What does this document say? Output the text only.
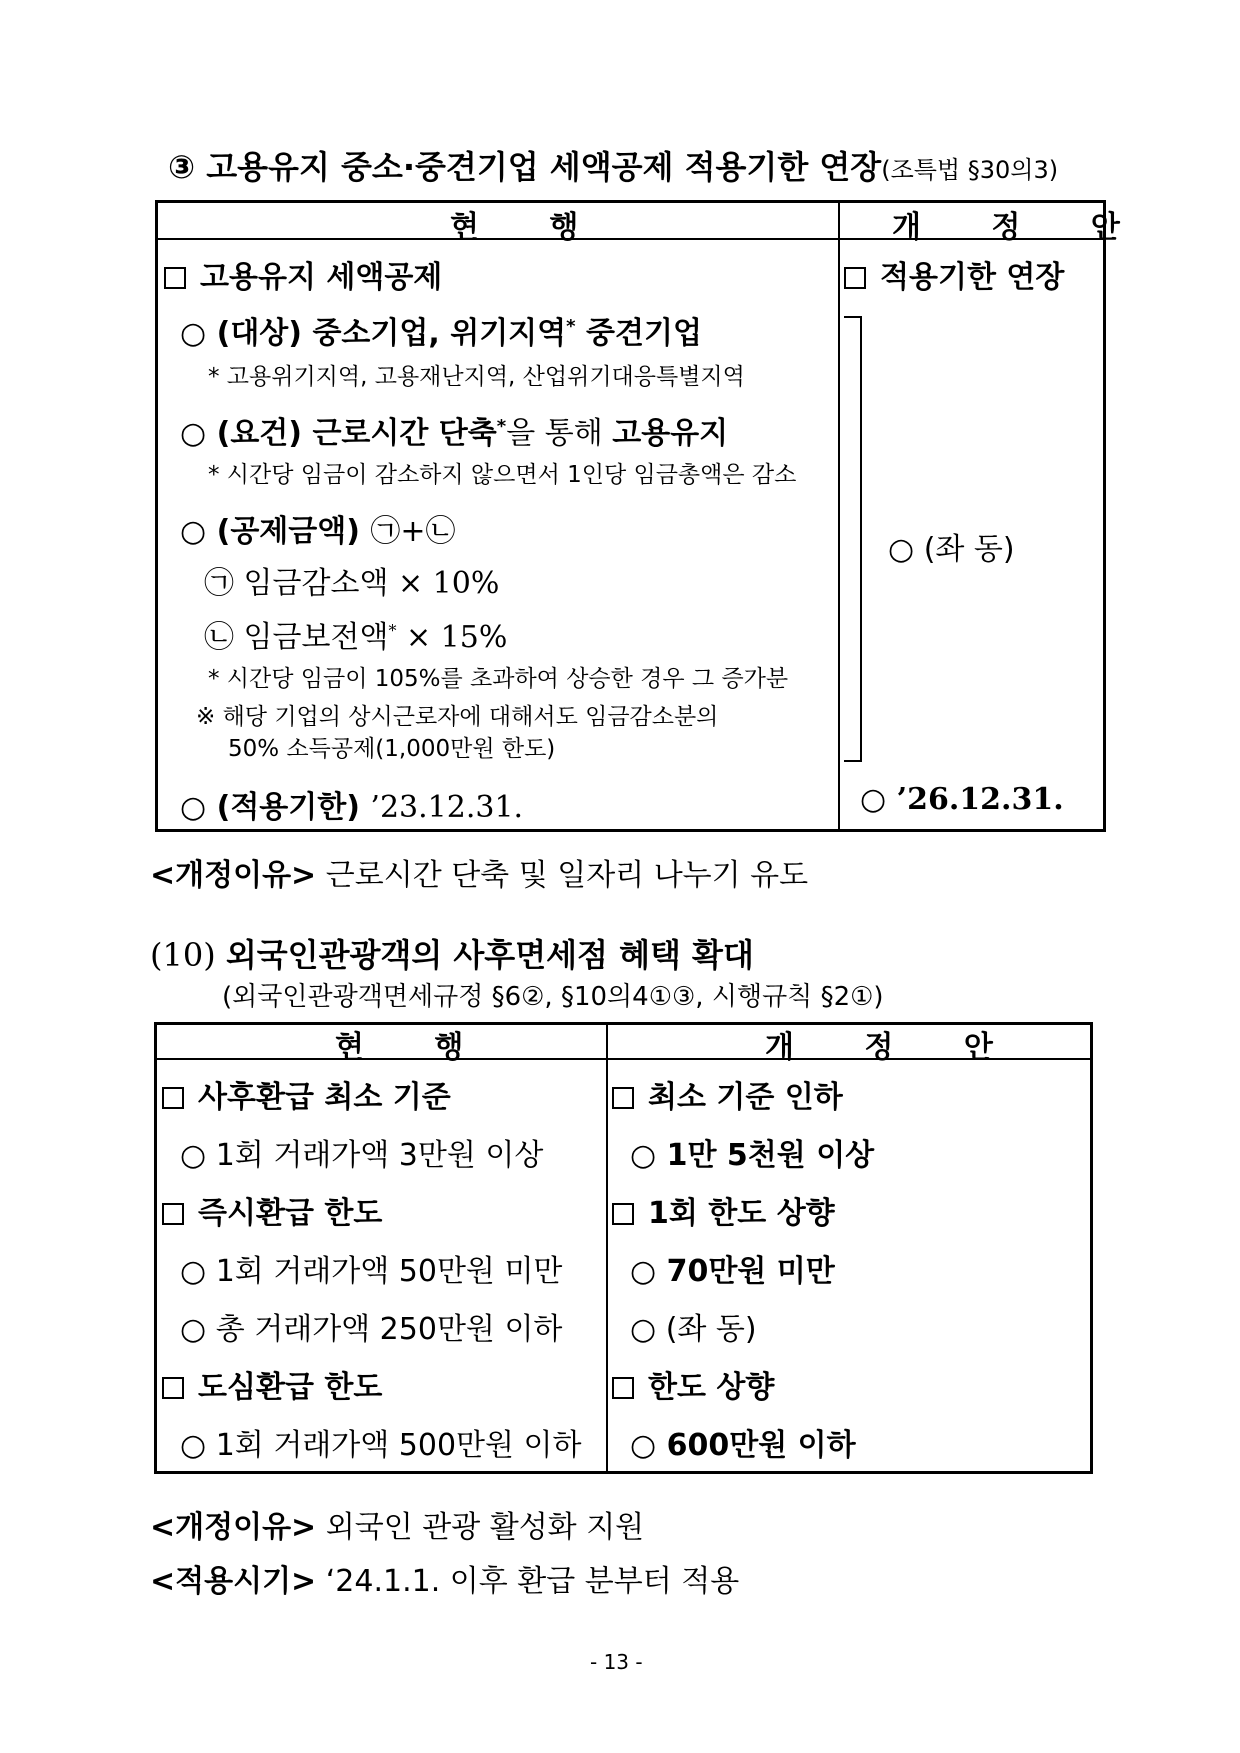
③ 고용유지 중소·중견기업 세액공제 적용기한 연장(조특법 §30의3)
현 행	개 정 안
고용유지 세액공제
○ (대상) 중소기업, 위기지역* 중견기업
* 고용위기지역, 고용재난지역, 산업위기대응특별지역
○ (요건) 근로시간 단축*을 통해 고용유지
* 시간당 임금이 감소하지 않으면서 1인당 임금총액은 감소
○ (공제금액) ㉠+㉡
㉠ 임금감소액 × 10%
㉡ 임금보전액* × 15%
* 시간당 임금이 105%를 초과하여 상승한 경우 그 증가분
※ 해당 기업의 상시근로자에 대해서도 임금감소분의
50% 소득공제(1,000만원 한도)
○ (적용기한) ’23.12.31.
적용기한 연장
○ (좌 동)
○ ’26.12.31.
<개정이유> 근로시간 단축 및 일자리 나누기 유도
(10) 외국인관광객의 사후면세점 혜택 확대
(외국인관광객면세규정 §6②, §10의4①③, 시행규칙 §2①)
현 행	개 정 안
사후환급 최소 기준	최소 기준 인하
○ 1회 거래가액 3만원 이상	○ 1만 5천원 이상
즉시환급 한도	1회 한도 상향
○ 1회 거래가액 50만원 미만 ○ 70만원 미만
○ 총 거래가액 250만원 이하 ○ (좌 동)
도심환급 한도	한도 상향
○ 1회 거래가액 500만원 이하 ○ 600만원 이하
<개정이유> 외국인 관광 활성화 지원
<적용시기> ‘24.1.1. 이후 환급 분부터 적용
- 13 -
